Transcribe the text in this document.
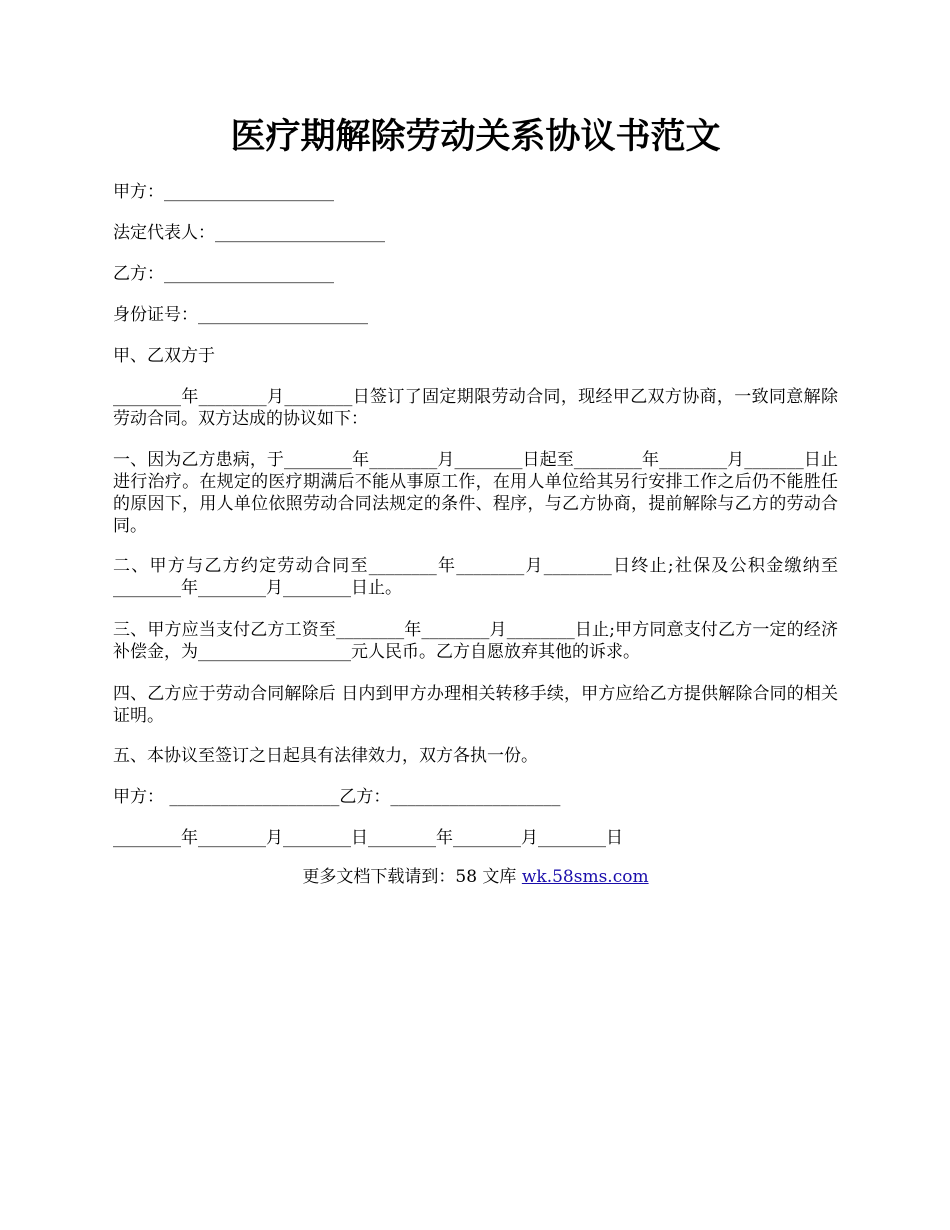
医疗期解除劳动关系协议书范文
甲方：____________________
法定代表人：____________________
乙方：____________________
身份证号：____________________
甲、乙双方于
________年________月________日签订了固定期限劳动合同，现经甲乙双方协商，一致同意解除劳动合同。双方达成的协议如下：
一、因为乙方患病，于________年________月________日起至________年________月_______日止进行治疗。在规定的医疗期满后不能从事原工作，在用人单位给其另行安排工作之后仍不能胜任的原因下，用人单位依照劳动合同法规定的条件、程序，与乙方协商，提前解除与乙方的劳动合同。
二、甲方与乙方约定劳动合同至________年________月________日终止;社保及公积金缴纳至________年________月________日止。
三、甲方应当支付乙方工资至________年________月________日止;甲方同意支付乙方一定的经济补偿金，为__________________元人民币。乙方自愿放弃其他的诉求。
四、乙方应于劳动合同解除后 日内到甲方办理相关转移手续，甲方应给乙方提供解除合同的相关证明。
五、本协议至签订之日起具有法律效力，双方各执一份。
甲方： ____________________乙方：____________________
________年________月________日________年________月________日
更多文档下载请到：58 文库 wk.58sms.com
